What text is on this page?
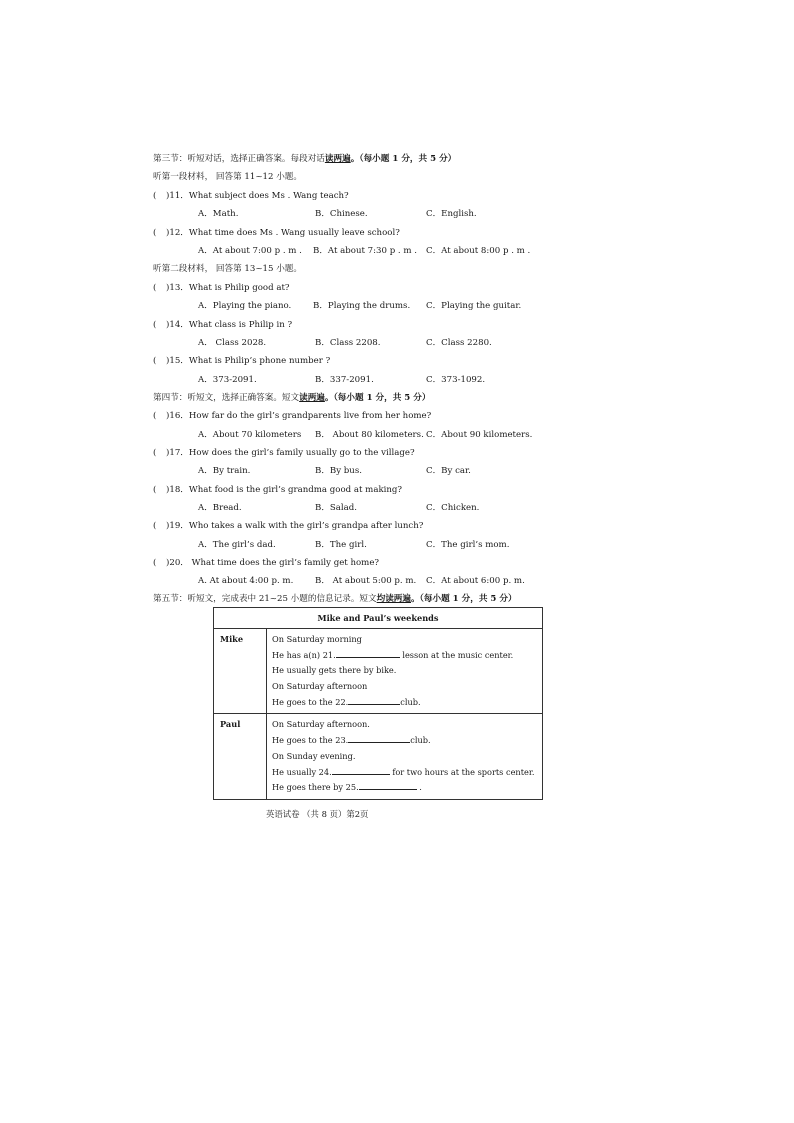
第三节：听短对话，选择正确答案。每段对话读两遍。（每小题 1 分，共 5 分）
听第一段材料， 回答第 11~12 小题。
( )11．What subject does Ms . Wang teach?
A．Math.	B．Chinese.	C．English.
( )12．What time does Ms . Wang usually leave school?
A．At about 7:00 p . m . B．At about 7:30 p . m . C．At about 8:00 p . m .
听第二段材料， 回答第 13~15 小题。
( )13．What is Philip good at?
A．Playing the piano.	B．Playing the drums. C．Playing the guitar.
( )14．What class is Philip in ?
A． Class 2028.	B．Class 2208.	C．Class 2280.
( )15．What is Philip’s phone number ?
A．373-2091.	B．337-2091.	C．373-1092.
第四节：听短文，选择正确答案。短文读两遍。（每小题 1 分，共 5 分）
( )16．How far do the girl’s grandparents live from her home?
A．About 70 kilometers B． About 80 kilometers. C．About 90 kilometers.
( )17．How does the girl’s family usually go to the village?
A．By train.	B．By bus.	C．By car.
( )18．What food is the girl’s grandma good at making?
A．Bread.	B．Salad.	C．Chicken.
( )19．Who takes a walk with the girl’s grandpa after lunch?
A．The girl’s dad.	B．The girl.	C．The girl’s mom.
( )20． What time does the girl’s family get home?
A. At about 4:00 p. m.	B． At about 5:00 p. m. C．At about 6:00 p. m.
第五节：听短文，完成表中 21~25 小题的信息记录。短文均读两遍。（每小题 1 分，共 5 分）
Mike and Paul’s weekends	
Mike	On Saturday morning
He has a(n) 21. lesson at the music center.
He usually gets there by bike.
On Saturday afternoon
He goes to the 22. club.

Paul	On Saturday afternoon.
He goes to the 23. club.
On Sunday evening.
He usually 24. for two hours at the sports center.
He goes there by 25. .
英语试卷 （共 8 页）第2页
